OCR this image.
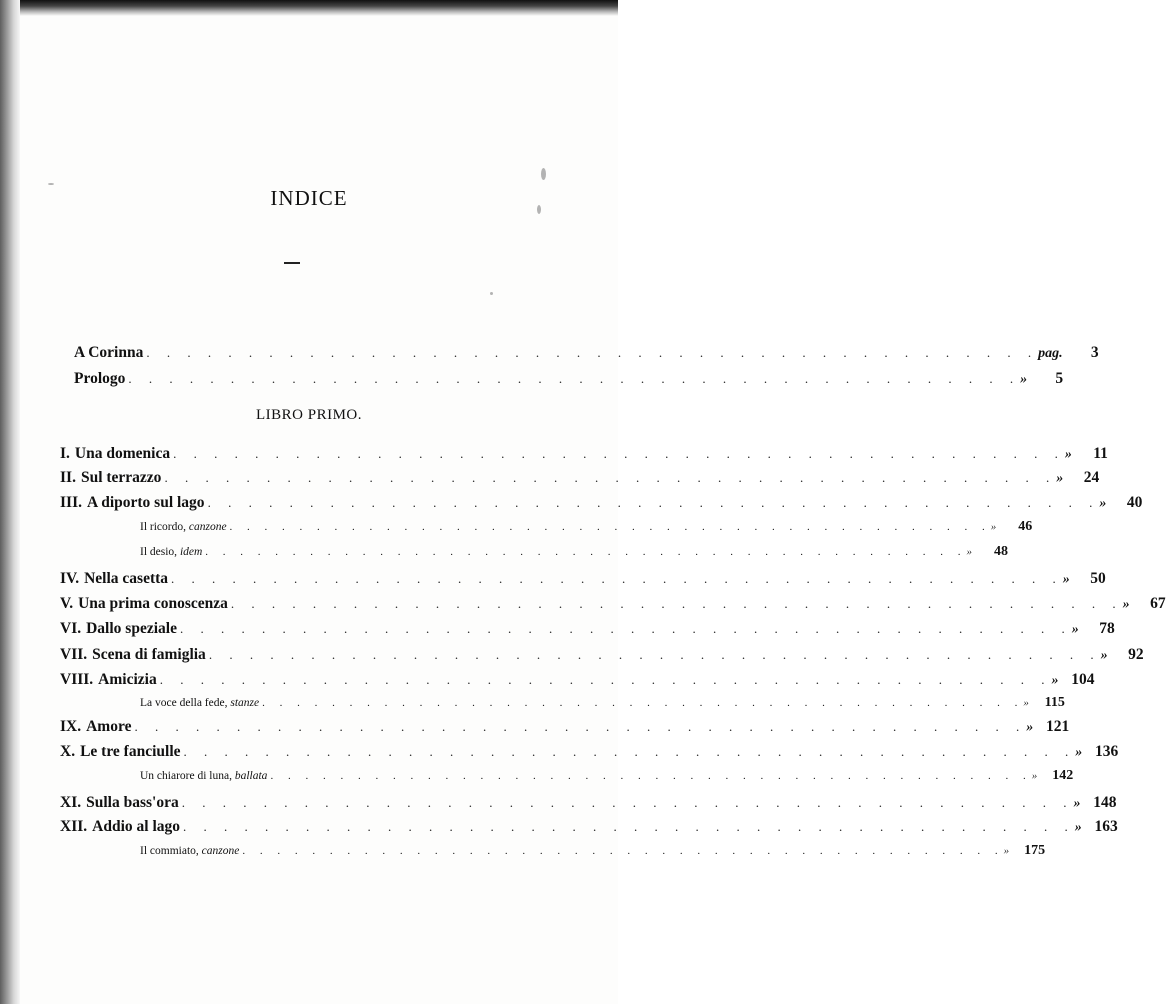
INDICE
A Corinna . . . . . . . . . . . . . . . . . . . . . . . . . . . . . . . . . . . . . . . . . . . . pag.	3
Prologo . . . . . . . . . . . . . . . . . . . . . . . . . . . . . . . . . . . . . . . . . . . . »	5
LIBRO PRIMO.
I. Una domenica . . . . . . . . . . . . . . . . . . . . . . . . . . . . . . . . . . . . . . . . . . . . »	11
II. Sul terrazzo . . . . . . . . . . . . . . . . . . . . . . . . . . . . . . . . . . . . . . . . . . . . »	24
III. A diporto sul lago . . . . . . . . . . . . . . . . . . . . . . . . . . . . . . . . . . . . . . . . . . . . »	40
Il ricordo, canzone . . . . . . . . . . . . . . . . . . . . . . . . . . . . . . . . . . . . . . . . . . . . »	46
Il desio, idem . . . . . . . . . . . . . . . . . . . . . . . . . . . . . . . . . . . . . . . . . . . . »	48
IV. Nella casetta . . . . . . . . . . . . . . . . . . . . . . . . . . . . . . . . . . . . . . . . . . . . »	50
V. Una prima conoscenza . . . . . . . . . . . . . . . . . . . . . . . . . . . . . . . . . . . . . . . . . . . . »	67
VI. Dallo speziale . . . . . . . . . . . . . . . . . . . . . . . . . . . . . . . . . . . . . . . . . . . . »	78
VII. Scena di famiglia . . . . . . . . . . . . . . . . . . . . . . . . . . . . . . . . . . . . . . . . . . . . »	92
VIII. Amicizia . . . . . . . . . . . . . . . . . . . . . . . . . . . . . . . . . . . . . . . . . . . . » 104
La voce della fede, stanze . . . . . . . . . . . . . . . . . . . . . . . . . . . . . . . . . . . . . . . . . . . . »	115
IX. Amore . . . . . . . . . . . . . . . . . . . . . . . . . . . . . . . . . . . . . . . . . . . . » 121
X. Le tre fanciulle . . . . . . . . . . . . . . . . . . . . . . . . . . . . . . . . . . . . . . . . . . . . » 136
Un chiarore di luna, ballata . . . . . . . . . . . . . . . . . . . . . . . . . . . . . . . . . . . . . . . . . . . . »	142
XI. Sulla bass'ora . . . . . . . . . . . . . . . . . . . . . . . . . . . . . . . . . . . . . . . . . . . . » 148
XII. Addio al lago . . . . . . . . . . . . . . . . . . . . . . . . . . . . . . . . . . . . . . . . . . . . » 163
Il commiato, canzone . . . . . . . . . . . . . . . . . . . . . . . . . . . . . . . . . . . . . . . . . . . . »	175
